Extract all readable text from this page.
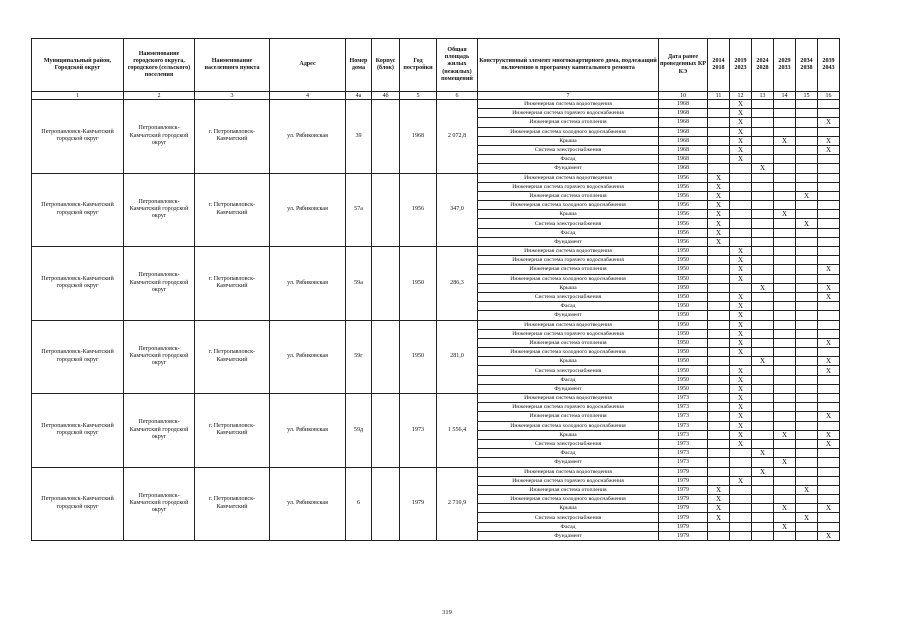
Муниципальный район, Городской округ	Наименование городского округа, городского (сельского) поселения	Наименование населенного пункта	Адрес	Номер дома	Корпус (блок)	Год постройки	Общая площадь жилых (нежилых) помещений	Конструктивный элемент многоквартирного дома, подлежащий включению в программу капитального ремонта	Дата ранее проведенных КР КЭ	2014 2018	2019 2023	2024 2028	2029 2033	2034 2038	2039 2043
1	2	3	4	4а	4б	5	6	7	10	11	12	13	14	15	16
Петропавловск-Камчатский городской округ	Петропавловск-Камчатский городской округ	г. Петропавловск-Камчатский	ул. Рябиковская	39		1968	2 072,8	Инженерная система водоотведения	1968		X				
								Инженерная система горячего водоснабжения	1968		X				
								Инженерная система отопления	1968		X				X
								Инженерная система холодного водоснабжения	1968		X				
								Крыша	1968		X		X		X
								Система электроснабжения	1968		X				X
								Фасад	1968		X				
								Фундамент	1968			X			
Петропавловск-Камчатский городской округ	Петропавловск-Камчатский городской округ	г. Петропавловск-Камчатский	ул. Рябиковская	57а		1956	347,0	Инженерная система водоотведения	1956	X					
								Инженерная система горячего водоснабжения	1956	X					
								Инженерная система отопления	1956	X				X	
								Инженерная система холодного водоснабжения	1956	X					
								Крыша	1956	X			X		
								Система электроснабжения	1956	X				X	
								Фасад	1956	X					
								Фундамент	1956	X					
Петропавловск-Камчатский городской округ	Петропавловск-Камчатский городской округ	г. Петропавловск-Камчатский	ул. Рябиковская	59а		1950	286,3	Инженерная система водоотведения	1950		X				
								Инженерная система горячего водоснабжения	1950		X				
								Инженерная система отопления	1950		X				X
								Инженерная система холодного водоснабжения	1950		X				
								Крыша	1950			X			X
								Система электроснабжения	1950		X				X
								Фасад	1950		X				
								Фундамент	1950		X				
Петропавловск-Камчатский городской округ	Петропавловск-Камчатский городской округ	г. Петропавловск-Камчатский	ул. Рябиковская	59г		1950	281,0	Инженерная система водоотведения	1950		X				
								Инженерная система горячего водоснабжения	1950		X				
								Инженерная система отопления	1950		X				X
								Инженерная система холодного водоснабжения	1950		X				
								Крыша	1950			X			X
								Система электроснабжения	1950		X				X
								Фасад	1950		X				
								Фундамент	1950		X				
Петропавловск-Камчатский городской округ	Петропавловск-Камчатский городской округ	г. Петропавловск-Камчатский	ул. Рябиковская	59д		1973	1 556,4	Инженерная система водоотведения	1973		X				
								Инженерная система горячего водоснабжения	1973		X				
								Инженерная система отопления	1973		X				X
								Инженерная система холодного водоснабжения	1973		X				
								Крыша	1973		X		X		X
								Система электроснабжения	1973		X				X
								Фасад	1973			X			
								Фундамент	1973				X		
Петропавловск-Камчатский городской округ	Петропавловск-Камчатский городской округ	г. Петропавловск-Камчатский	ул. Рябиковская	6		1979	2 710,9	Инженерная система водоотведения	1979			X			
								Инженерная система горячего водоснабжения	1979		X				
								Инженерная система отопления	1979	X				X	
								Инженерная система холодного водоснабжения	1979	X					
								Крыша	1979	X			X		X
								Система электроснабжения	1979	X				X	
								Фасад	1979				X		
								Фундамент	1979						X
319
